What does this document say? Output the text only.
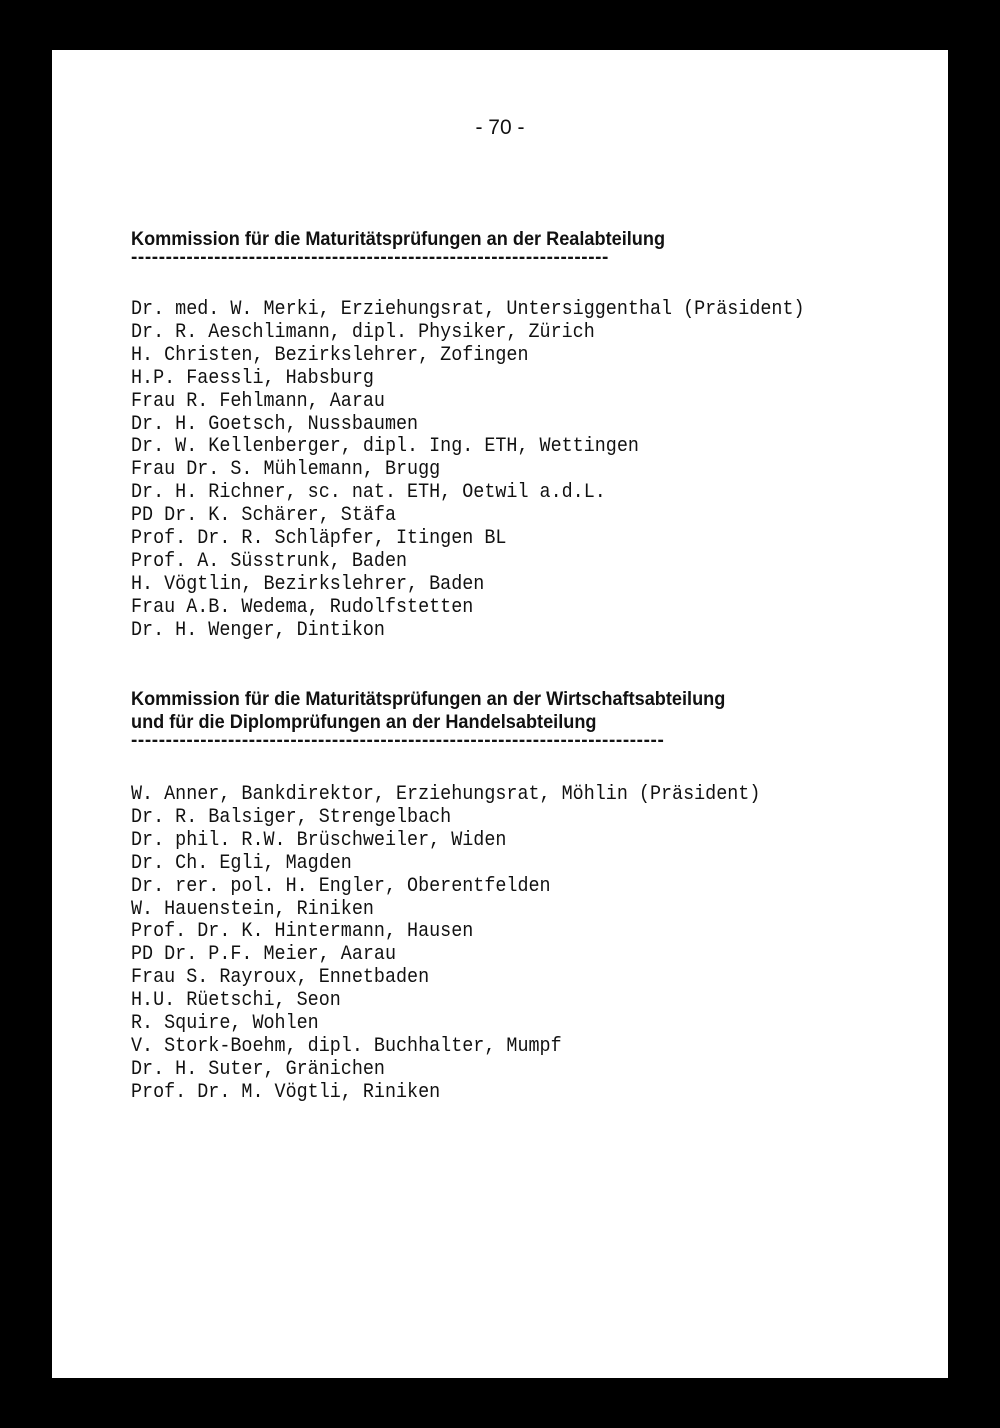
- 70 -
Kommission für die Maturitätsprüfungen an der Realabteilung
---------------------------------------------------------------------
Dr. med. W. Merki, Erziehungsrat, Untersiggenthal (Präsident)
Dr. R. Aeschlimann, dipl. Physiker, Zürich
H. Christen, Bezirkslehrer, Zofingen
H.P. Faessli, Habsburg
Frau R. Fehlmann, Aarau
Dr. H. Goetsch, Nussbaumen
Dr. W. Kellenberger, dipl. Ing. ETH, Wettingen
Frau Dr. S. Mühlemann, Brugg
Dr. H. Richner, sc. nat. ETH, Oetwil a.d.L.
PD Dr. K. Schärer, Stäfa
Prof. Dr. R. Schläpfer, Itingen BL
Prof. A. Süsstrunk, Baden
H. Vögtlin, Bezirkslehrer, Baden
Frau A.B. Wedema, Rudolfstetten
Dr. H. Wenger, Dintikon
Kommission für die Maturitätsprüfungen an der Wirtschaftsabteilung
und für die Diplomprüfungen an der Handelsabteilung
-----------------------------------------------------------------------------
W. Anner, Bankdirektor, Erziehungsrat, Möhlin (Präsident)
Dr. R. Balsiger, Strengelbach
Dr. phil. R.W. Brüschweiler, Widen
Dr. Ch. Egli, Magden
Dr. rer. pol. H. Engler, Oberentfelden
W. Hauenstein, Riniken
Prof. Dr. K. Hintermann, Hausen
PD Dr. P.F. Meier, Aarau
Frau S. Rayroux, Ennetbaden
H.U. Rüetschi, Seon
R. Squire, Wohlen
V. Stork-Boehm, dipl. Buchhalter, Mumpf
Dr. H. Suter, Gränichen
Prof. Dr. M. Vögtli, Riniken
